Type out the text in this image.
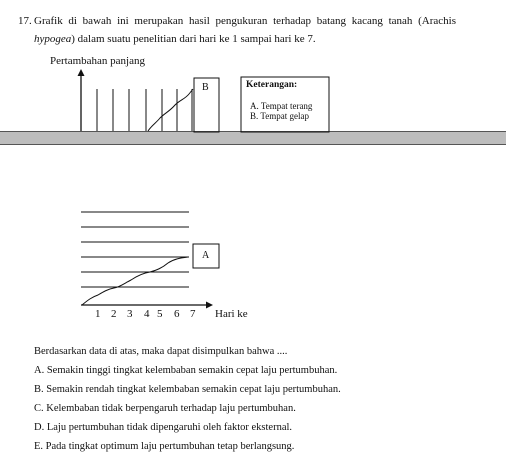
17. Grafik di bawah ini merupakan hasil pengukuran terhadap batang kacang tanah (Arachis
hypogea) dalam suatu penelitian dari hari ke 1 sampai hari ke 7.
Pertambahan panjang
B	Keterangan:
A. Tempat terang
B. Tempat gelap
A
1 2 3 4 5 6 7 Hari ke
Berdasarkan data di atas, maka dapat disimpulkan bahwa ....
A. Semakin tinggi tingkat kelembaban semakin cepat laju pertumbuhan.
B. Semakin rendah tingkat kelembaban semakin cepat laju pertumbuhan.
C. Kelembaban tidak berpengaruh terhadap laju pertumbuhan.
D. Laju pertumbuhan tidak dipengaruhi oleh faktor eksternal.
E. Pada tingkat optimum laju pertumbuhan tetap berlangsung.
